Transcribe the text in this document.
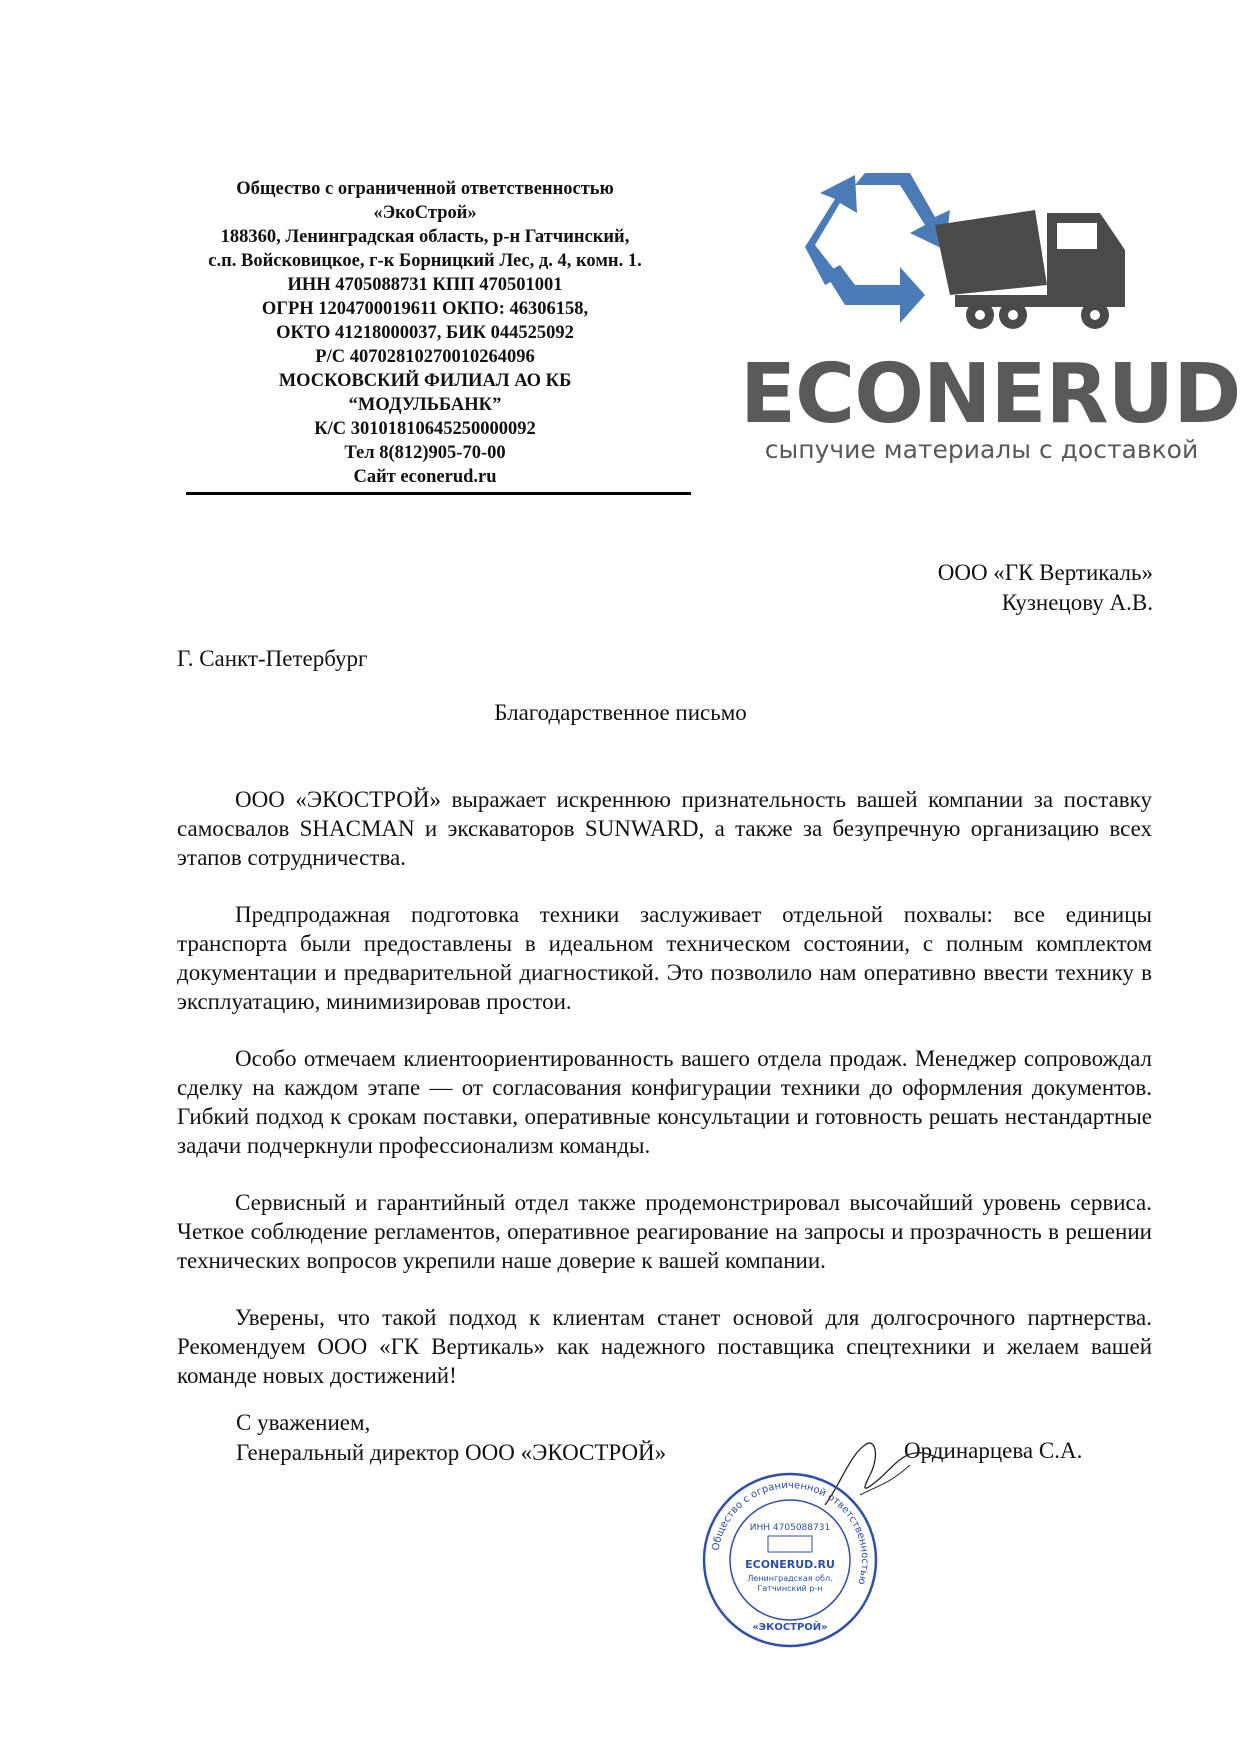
Общество с ограниченной ответственностью
«ЭкоСтрой»
188360, Ленинградская область, р-н Гатчинский,
с.п. Войсковицкое, г-к Борницкий Лес, д. 4, комн. 1.
ИНН 4705088731 КПП 470501001
ОГРН 1204700019611 ОКПО: 46306158,
ОКТО 41218000037, БИК 044525092
Р/С 40702810270010264096
МОСКОВСКИЙ ФИЛИАЛ АО КБ
“МОДУЛЬБАНК”
К/С 30101810645250000092
Тел 8(812)905-70-00
Сайт econerud.ru
ECONERUD
сыпучие материалы с доставкой
ООО «ГК Вертикаль»
Кузнецову А.В.
Г. Санкт-Петербург
Благодарственное письмо

ООО «ЭКОСТРОЙ» выражает искреннюю признательность вашей компании за поставку самосвалов SHACMAN и экскаваторов SUNWARD, а также за безупречную организацию всех этапов сотрудничества.

Предпродажная подготовка техники заслуживает отдельной похвалы: все единицы транспорта были предоставлены в идеальном техническом состоянии, с полным комплектом документации и предварительной диагностикой. Это позволило нам оперативно ввести технику в эксплуатацию, минимизировав простои.

Особо отмечаем клиентоориентированность вашего отдела продаж. Менеджер сопровождал сделку на каждом этапе — от согласования конфигурации техники до оформления документов. Гибкий подход к срокам поставки, оперативные консультации и готовность решать нестандартные задачи подчеркнули профессионализм команды.

Сервисный и гарантийный отдел также продемонстрировал высочайший уровень сервиса. Четкое соблюдение регламентов, оперативное реагирование на запросы и прозрачность в решении технических вопросов укрепили наше доверие к вашей компании.

Уверены, что такой подход к клиентам станет основой для долгосрочного партнерства. Рекомендуем ООО «ГК Вертикаль» как надежного поставщика спецтехники и желаем вашей команде новых достижений!

С уважением,
Генеральный директор ООО «ЭКОСТРОЙ»	Ординарцева С.А.
Общество с ограниченной ответственностью
ИНН 4705088731
ECONERUD.RU
Ленинградская обл.
Гатчинский р-н
«ЭКОСТРОЙ»
